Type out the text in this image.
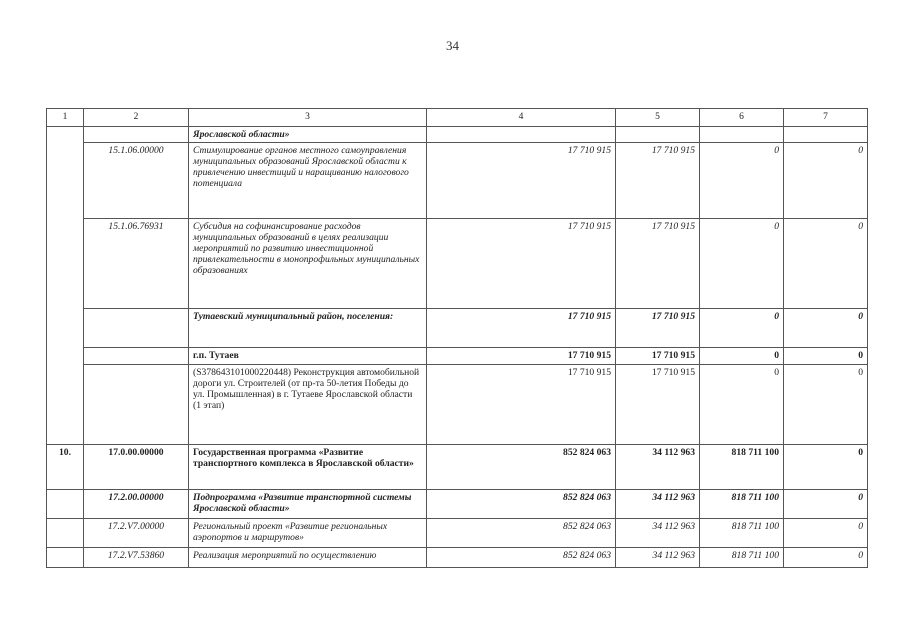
34
1	2	3	4	5	6	7
		Ярославской области»				
	15.1.06.00000	Стимулирование органов местного самоуправления муниципальных образований Ярославской области к привлечению инвестиций и наращиванию налогового потенциала	17 710 915	17 710 915	0	0
	15.1.06.76931	Субсидия на софинансирование расходов муниципальных образований в целях реализации мероприятий по развитию инвестиционной привлекательности в монопрофильных муниципальных образованиях	17 710 915	17 710 915	0	0
		Тутаевский муниципальный район, поселения:	17 710 915	17 710 915	0	0
		г.п. Тутаев	17 710 915	17 710 915	0	0
		(S378643101000220448) Реконструкция автомобильной дороги ул. Строителей (от пр-та 50-летия Победы до ул. Промышленная) в г. Тутаеве Ярославской области (1 этап)	17 710 915	17 710 915	0	0
10.	17.0.00.00000	Государственная программа «Развитие транспортного комплекса в Ярославской области»	852 824 063	34 112 963	818 711 100	0
	17.2.00.00000	Подпрограмма «Развитие транспортной системы Ярославской области»	852 824 063	34 112 963	818 711 100	0
	17.2.V7.00000	Региональный проект «Развитие региональных аэропортов и маршрутов»	852 824 063	34 112 963	818 711 100	0
	17.2.V7.53860	Реализация мероприятий по осуществлению	852 824 063	34 112 963	818 711 100	0
